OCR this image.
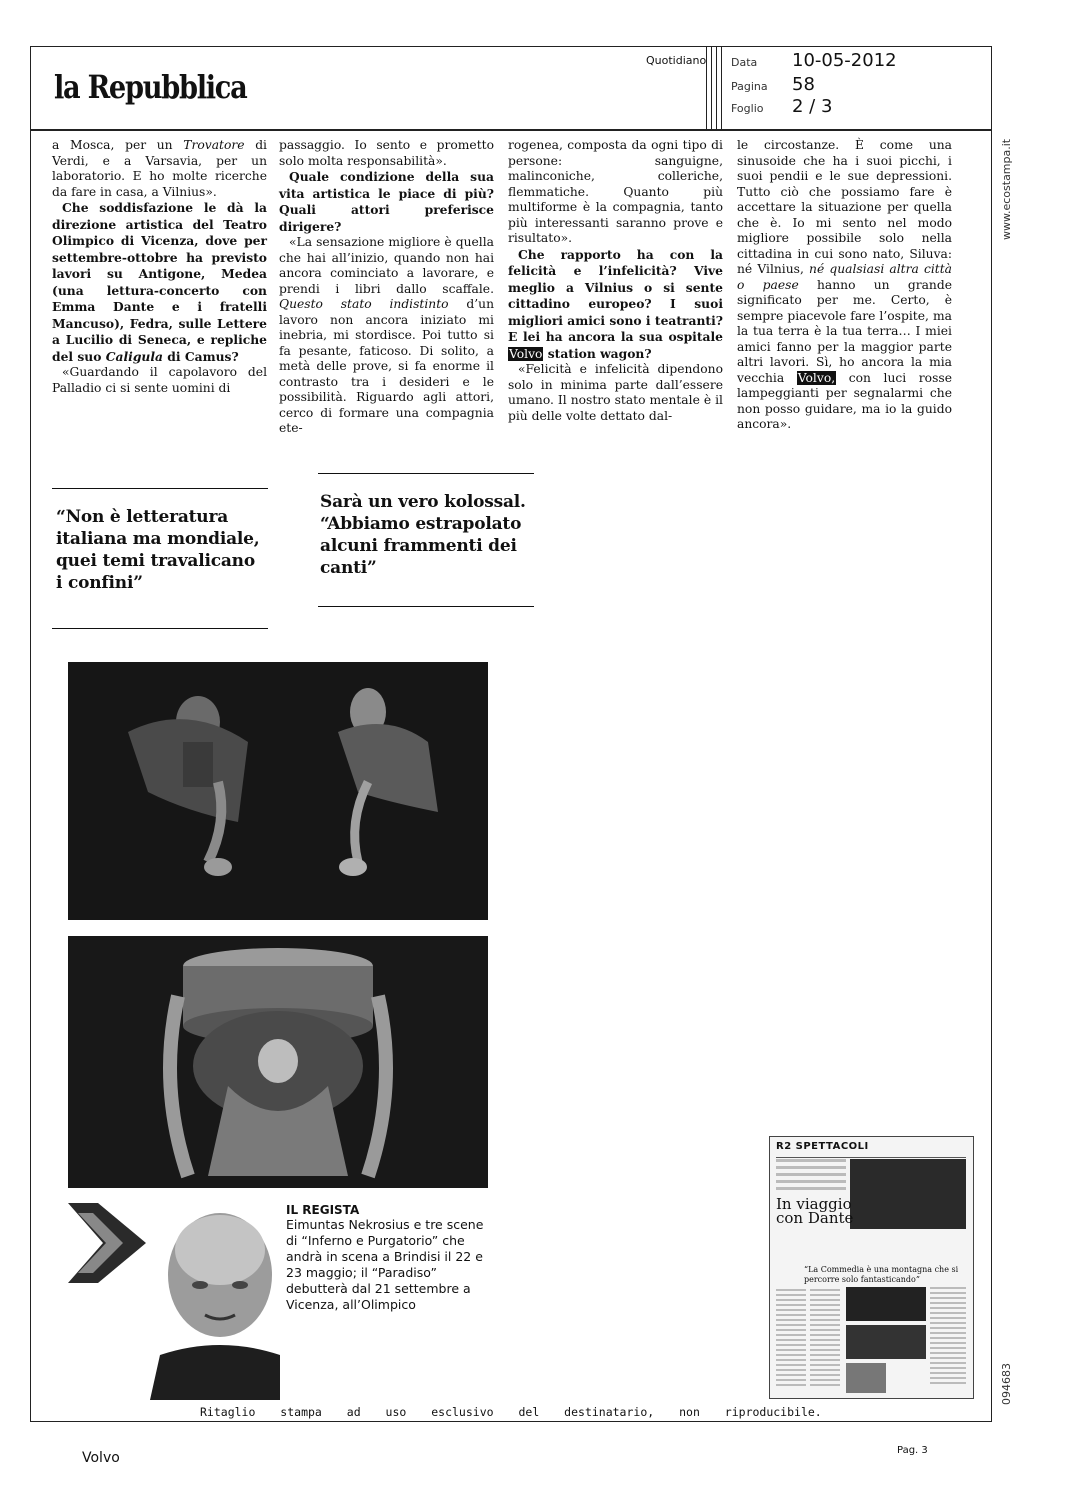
la Repubblica
Quotidiano Data 10-05-2012
Pagina 58
Foglio 2 / 3
www.ecostampa.it
094683

a Mosca, per un Trovatore di Verdi, e a Varsavia, per un laboratorio. E ho molte ricerche da fare in casa, a Vilnius».

Che soddisfazione le dà la direzione artistica del Teatro Olimpico di Vicenza, dove per settembre-ottobre ha previsto lavori su Antigone, Medea (una lettura-concerto con Emma Dante e i fratelli Mancuso), Fedra, sulle Lettere a Lucilio di Seneca, e repliche del suo Caligula di Camus?

«Guardando il capolavoro del Palladio ci si sente uomini di

passaggio. Io sento e prometto solo molta responsabilità».

Quale condizione della sua vita artistica le piace di più? Quali attori preferisce dirigere?

«La sensazione migliore è quella che hai all’inizio, quando non hai ancora cominciato a lavorare, e prendi i libri dallo scaffale. Questo stato indistinto d’un lavoro non ancora iniziato mi inebria, mi stordisce. Poi tutto si fa pesante, faticoso. Di solito, a metà delle prove, si fa enorme il contrasto tra i desideri e le possibilità. Riguardo agli attori, cerco di formare una compagnia ete-

rogenea, composta da ogni tipo di persone: sanguigne, malinconiche, colleriche, flemmatiche. Quanto più multiforme è la compagnia, tanto più interessanti saranno prove e risultato».

Che rapporto ha con la felicità e l’infelicità? Vive meglio a Vilnius o si sente cittadino europeo? I suoi migliori amici sono i teatranti? E lei ha ancora la sua ospitale Volvo station wagon?

«Felicità e infelicità dipendono solo in minima parte dall’essere umano. Il nostro stato mentale è il più delle volte dettato dal-

le circostanze. È come una sinusoide che ha i suoi picchi, i suoi pendii e le sue depressioni. Tutto ciò che possiamo fare è accettare la situazione per quella che è. Io mi sento nel modo migliore possibile solo nella cittadina in cui sono nato, Siluva: né Vilnius, né qualsiasi altra città o paese hanno un grande significato per me. Certo, è sempre piacevole fare l’ospite, ma la tua terra è la tua terra… I miei amici fanno per la maggior parte altri lavori. Sì, ho ancora la mia vecchia Volvo, con luci rosse lampeggianti per segnalarmi che non posso guidare, ma io la guido ancora».

“Non è letteratura italiana ma mondiale, quei temi travalicano i confini”
Sarà un vero kolossal. “Abbiamo estrapolato alcuni frammenti dei canti”
IL REGISTA
Eimuntas Nekrosius e tre scene di “Inferno e Purgatorio” che andrà in scena a Brindisi il 22 e 23 maggio; il “Paradiso” debutterà dal 21 settembre a Vicenza, all’Olimpico
R2 SPETTACOLI
In viaggio con Dante
“La Commedia è una montagna che si percorre solo fantasticando”
Ritaglio stampa ad uso esclusivo del destinatario, non riproducibile.
Volvo	Pag. 3
